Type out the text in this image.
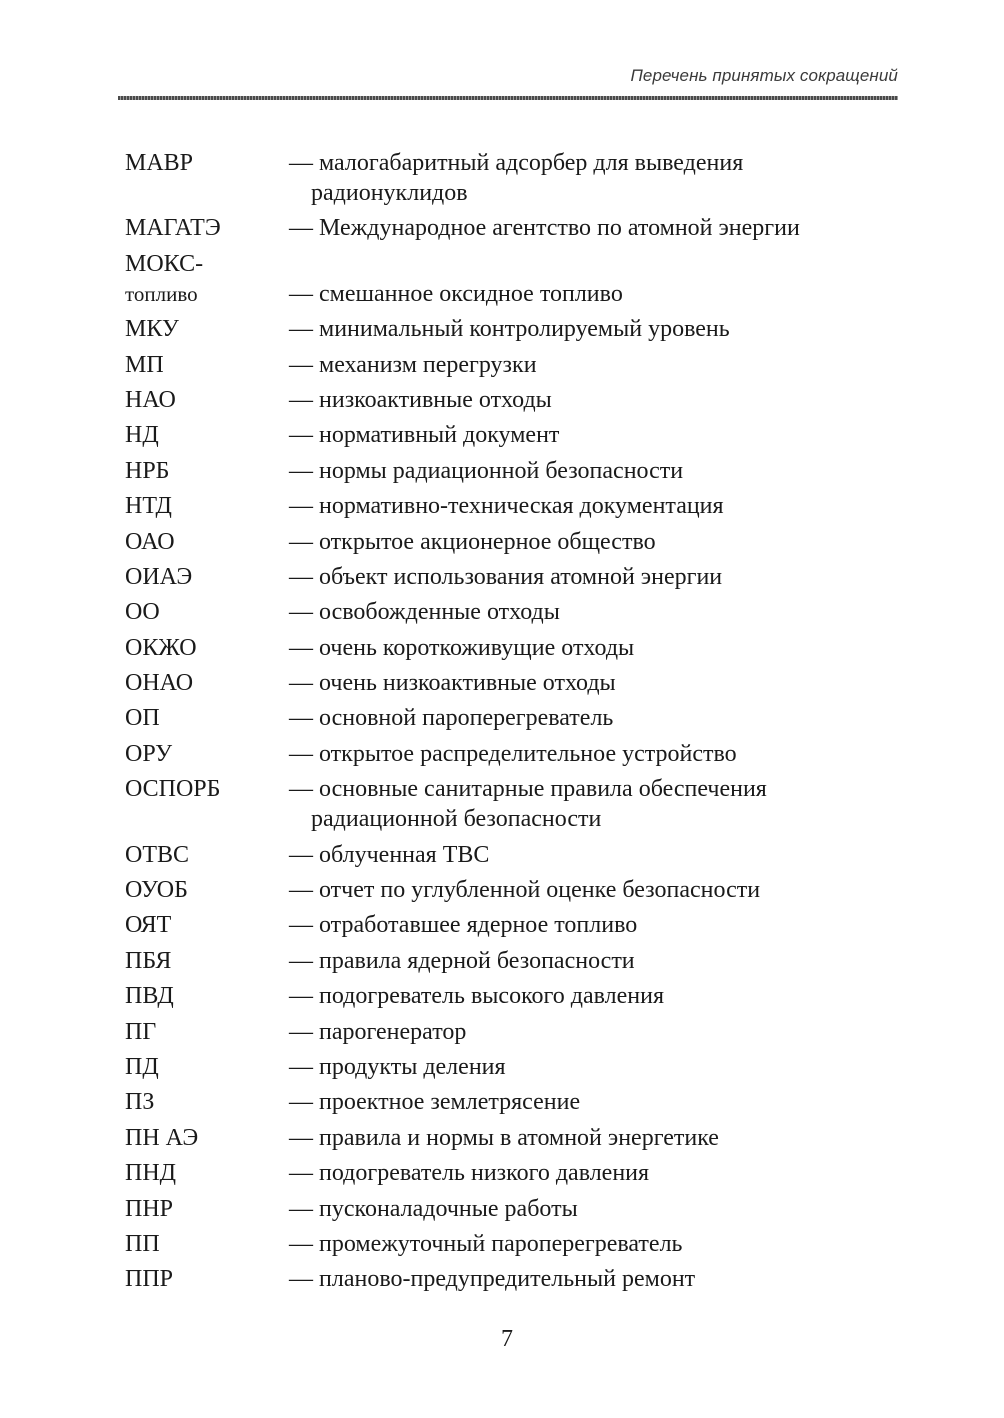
Перечень принятых сокращений
МАВР	— малогабаритный адсорбер для выведения
радионуклидов
МАГАТЭ	— Международное агентство по атомной энергии
МОКС-
топливо	— смешанное оксидное топливо
МКУ	— минимальный контролируемый уровень
МП	— механизм перегрузки
НАО	— низкоактивные отходы
НД	— нормативный документ
НРБ	— нормы радиационной безопасности
НТД	— нормативно-техническая документация
ОАО	— открытое акционерное общество
ОИАЭ	— объект использования атомной энергии
ОО	— освобожденные отходы
ОКЖО	— очень короткоживущие отходы
ОНАО	— очень низкоактивные отходы
ОП	— основной пароперегреватель
ОРУ	— открытое распределительное устройство
ОСПОРБ	— основные санитарные правила обеспечения
радиационной безопасности
ОТВС	— облученная ТВС
ОУОБ	— отчет по углубленной оценке безопасности
ОЯТ	— отработавшее ядерное топливо
ПБЯ	— правила ядерной безопасности
ПВД	— подогреватель высокого давления
ПГ	— парогенератор
ПД	— продукты деления
ПЗ	— проектное землетрясение
ПН АЭ	— правила и нормы в атомной энергетике
ПНД	— подогреватель низкого давления
ПНР	— пусконаладочные работы
ПП	— промежуточный пароперегреватель
ППР	— планово-предупредительный ремонт
7
